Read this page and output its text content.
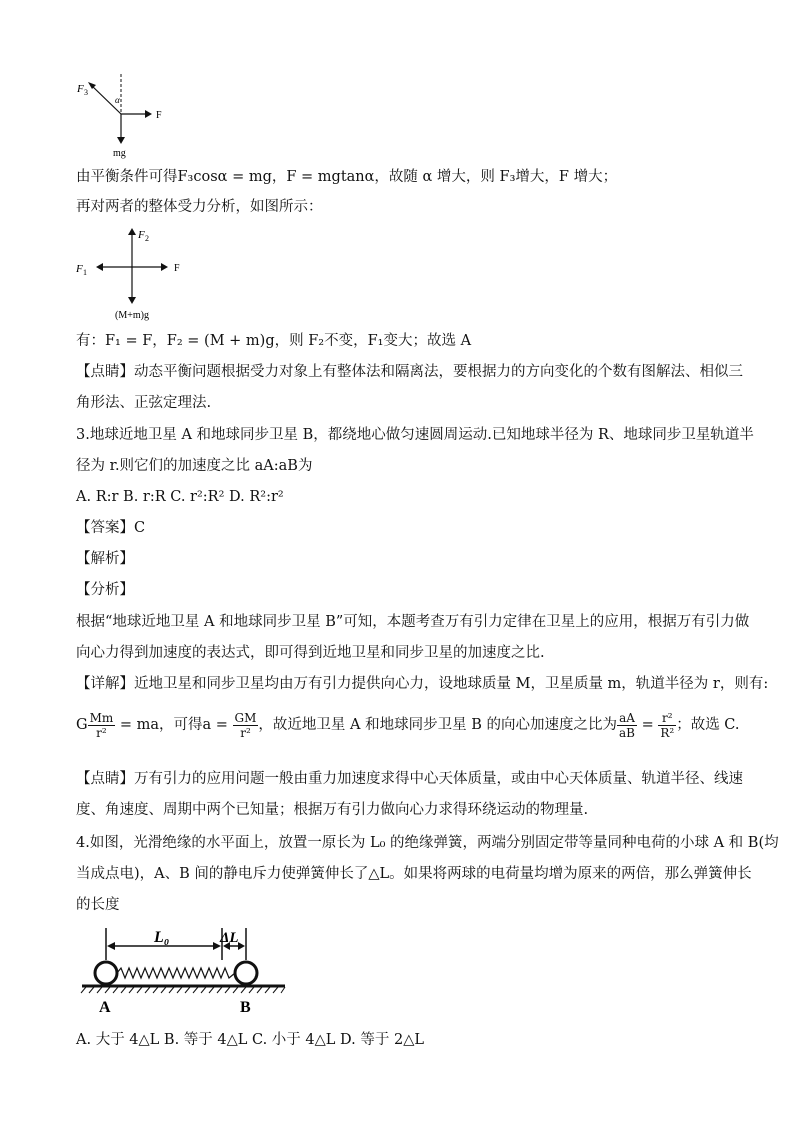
F 3
α
F
mg
由平衡条件可得F₃cosα = mg，F = mgtanα，故随 α 增大，则 F₃增大，F 增大；
再对两者的整体受力分析，如图所示：
F 2
F 1	F
(M+m)g
有：F₁ = F，F₂ = (M + m)g，则 F₂不变，F₁变大；故选 A
【点睛】动态平衡问题根据受力对象上有整体法和隔离法，要根据力的方向变化的个数有图解法、相似三
角形法、正弦定理法.
3.地球近地卫星 A 和地球同步卫星 B，都绕地心做匀速圆周运动.已知地球半径为 R、地球同步卫星轨道半
径为 r.则它们的加速度之比 aA:aB为
A. R:r B. r:R C. r²:R² D. R²:r²
【答案】C
【解析】
【分析】
根据“地球近地卫星 A 和地球同步卫星 B”可知，本题考查万有引力定律在卫星上的应用，根据万有引力做
向心力得到加速度的表达式，即可得到近地卫星和同步卫星的加速度之比.
【详解】近地卫星和同步卫星均由万有引力提供向心力，设地球质量 M，卫星质量 m，轨道半径为 r，则有:
G $\frac{Mm}{\text{r²}}$ = ma，可得$a = \frac{GM}{\text{r²}}$ ，故近地卫星 A 和地球同步卫星 B 的向心加速度之比为 $\frac{aA}{aB} = \frac{\text{r²}}{\text{R²}}$ ；故选 C.
【点睛】万有引力的应用问题一般由重力加速度求得中心天体质量，或由中心天体质量、轨道半径、线速
度、角速度、周期中两个已知量；根据万有引力做向心力求得环绕运动的物理量.
4.如图，光滑绝缘的水平面上，放置一原长为 L₀ 的绝缘弹簧，两端分别固定带等量同种电荷的小球 A 和 B(均
当成点电)，A、B 间的静电斥力使弹簧伸长了△L。如果将两球的电荷量均增为原来的两倍，那么弹簧伸长
的长度
L₀	ΔL
A	B
A. 大于 4△L B. 等于 4△L C. 小于 4△L D. 等于 2△L
